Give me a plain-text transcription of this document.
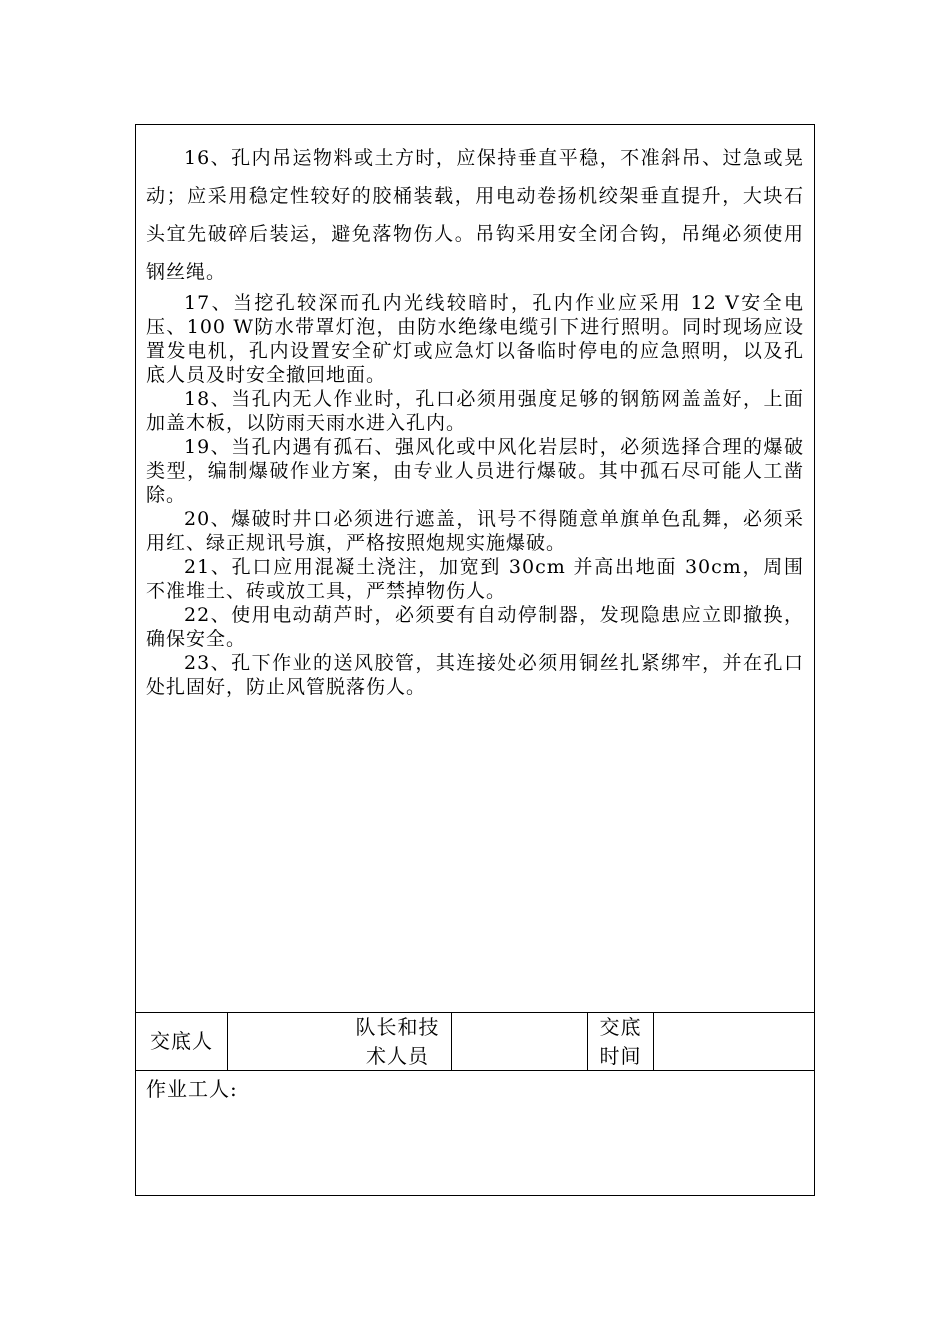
16、孔内吊运物料或土方时，应保持垂直平稳，不准斜吊、过急或晃动；应采用稳定性较好的胶桶装载，用电动卷扬机绞架垂直提升，大块石头宜先破碎后装运，避免落物伤人。吊钩采用安全闭合钩，吊绳必须使用钢丝绳。

17、当挖孔较深而孔内光线较暗时，孔内作业应采用 12 V安全电压、100 W防水带罩灯泡，由防水绝缘电缆引下进行照明。同时现场应设置发电机，孔内设置安全矿灯或应急灯以备临时停电的应急照明，以及孔底人员及时安全撤回地面。

18、当孔内无人作业时，孔口必须用强度足够的钢筋网盖盖好，上面加盖木板，以防雨天雨水进入孔内。

19、当孔内遇有孤石、强风化或中风化岩层时，必须选择合理的爆破类型，编制爆破作业方案，由专业人员进行爆破。其中孤石尽可能人工凿除。

20、爆破时井口必须进行遮盖，讯号不得随意单旗单色乱舞，必须采用红、绿正规讯号旗，严格按照炮规实施爆破。

21、孔口应用混凝土浇注，加宽到 30cm 并高出地面 30cm，周围不准堆土、砖或放工具，严禁掉物伤人。

22、使用电动葫芦时，必须要有自动停制器，发现隐患应立即撤换，确保安全。

23、孔下作业的送风胶管，其连接处必须用铜丝扎紧绑牢，并在孔口处扎固好，防止风管脱落伤人。

交底人
队长和技
术人员
交底
时间
作业工人:
